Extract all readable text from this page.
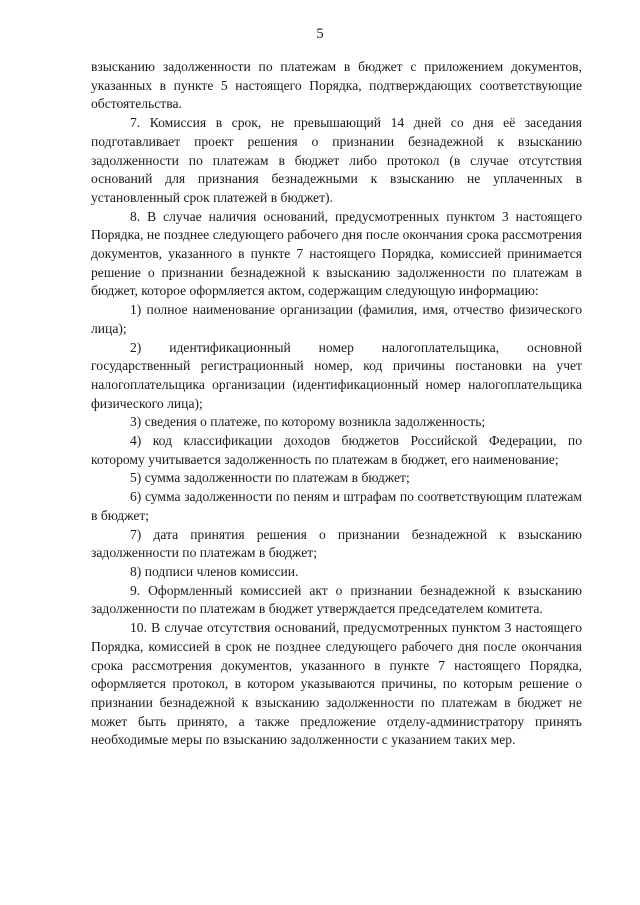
5

взысканию задолженности по платежам в бюджет с приложением документов, указанных в пункте 5 настоящего Порядка, подтверждающих соответствующие обстоятельства.

7. Комиссия в срок, не превышающий 14 дней со дня её заседания подготавливает проект решения о признании безнадежной к взысканию задолженности по платежам в бюджет либо протокол (в случае отсутствия оснований для признания безнадежными к взысканию не уплаченных в установленный срок платежей в бюджет).

8. В случае наличия оснований, предусмотренных пунктом 3 настоящего Порядка, не позднее следующего рабочего дня после окончания срока рассмотрения документов, указанного в пункте 7 настоящего Порядка, комиссией принимается решение о признании безнадежной к взысканию задолженности по платежам в бюджет, которое оформляется актом, содержащим следующую информацию:

1) полное наименование организации (фамилия, имя, отчество физического лица);

2) идентификационный номер налогоплательщика, основной государственный регистрационный номер, код причины постановки на учет налогоплательщика организации (идентификационный номер налогоплательщика физического лица);

3) сведения о платеже, по которому возникла задолженность;

4) код классификации доходов бюджетов Российской Федерации, по которому учитывается задолженность по платежам в бюджет, его наименование;

5) сумма задолженности по платежам в бюджет;

6) сумма задолженности по пеням и штрафам по соответствующим платежам в бюджет;

7) дата принятия решения о признании безнадежной к взысканию задолженности по платежам в бюджет;

8) подписи членов комиссии.

9. Оформленный комиссией акт о признании безнадежной к взысканию задолженности по платежам в бюджет утверждается председателем комитета.

10. В случае отсутствия оснований, предусмотренных пунктом 3 настоящего Порядка, комиссией в срок не позднее следующего рабочего дня после окончания срока рассмотрения документов, указанного в пункте 7 настоящего Порядка, оформляется протокол, в котором указываются причины, по которым решение о признании безнадежной к взысканию задолженности по платежам в бюджет не может быть принято, а также предложение отделу-администратору принять необходимые меры по взысканию задолженности с указанием таких мер.
